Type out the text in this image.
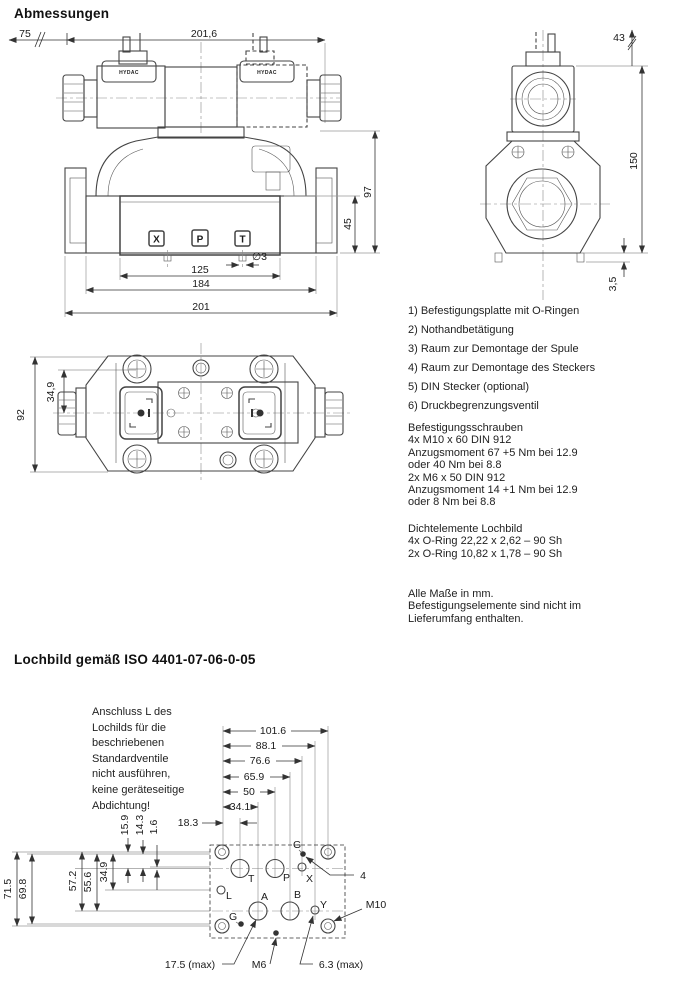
Abmessungen
75	201,6
HYDAC	HYDAC
X	P	T
∅3
97
45
125
184
201
43
150
3,5
1) Befestigungsplatte mit O-Ringen
2) Nothandbetätigung
3) Raum zur Demontage der Spule
4) Raum zur Demontage des Steckers
5) DIN Stecker (optional)
6) Druckbegrenzungsventil
Befestigungsschrauben
4x M10 x 60 DIN 912
Anzugsmoment 67 +5 Nm bei 12.9
oder 40 Nm bei 8.8
2x M6 x 50 DIN 912
Anzugsmoment 14 +1 Nm bei 12.9
oder 8 Nm bei 8.8
Dichtelemente Lochbild
4x O-Ring 22,22 x 2,62 – 90 Sh
2x O-Ring 10,82 x 1,78 – 90 Sh
Alle Maße in mm.
Befestigungselemente sind nicht im
Lieferumfang enthalten.
92
34,9
Lochbild gemäß ISO 4401-07-06-0-05
Anschluss L des
Lochilds für die
beschriebenen
Standardventile
nicht ausführen,
keine geräteseitige
Abdichtung!
101.6
88.1
76.6
65.9
50
34.1
18.3
15.9 14.3 1.6
71.5 69.8	57.2 55.6 34.9	T	P
A B
L
X
Y
G
G
4
M10
17.5 (max)	M6	6.3 (max)
